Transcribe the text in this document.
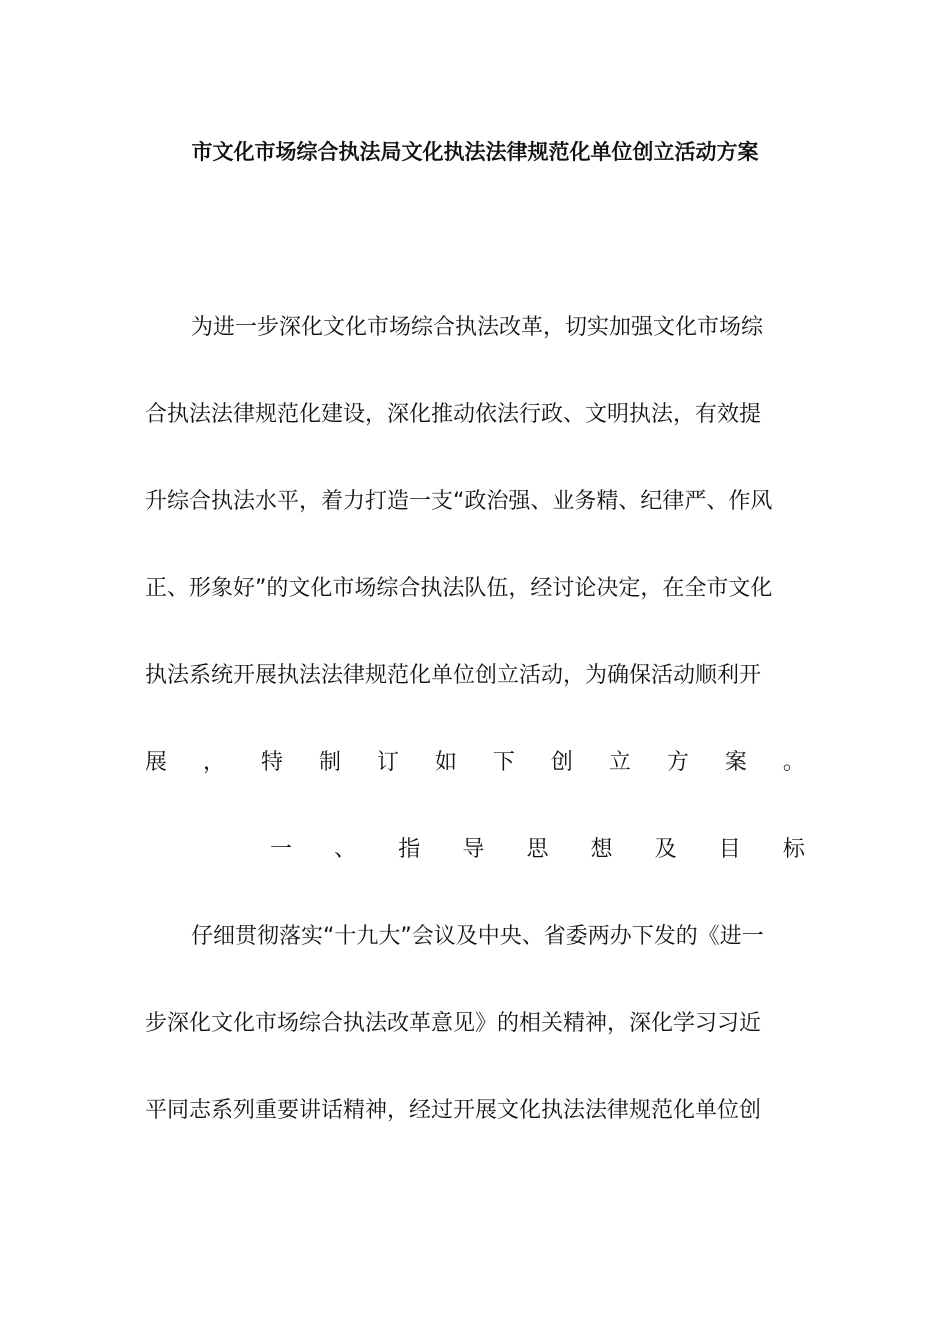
市文化市场综合执法局文化执法法律规范化单位创立活动方案
为进一步深化文化市场综合执法改革，切实加强文化市场综
合执法法律规范化建设，深化推动依法行政、文明执法，有效提
升综合执法水平，着力打造一支“政治强、业务精、纪律严、作风
正、形象好”的文化市场综合执法队伍，经讨论决定，在全市文化
执法系统开展执法法律规范化单位创立活动，为确保活动顺利开
展 ， 特 制 订 如 下 创 立 方 案 。
一 、 指 导 思 想 及 目 标
仔细贯彻落实“十九大”会议及中央、省委两办下发的《进一
步深化文化市场综合执法改革意见》的相关精神，深化学习习近
平同志系列重要讲话精神，经过开展文化执法法律规范化单位创
